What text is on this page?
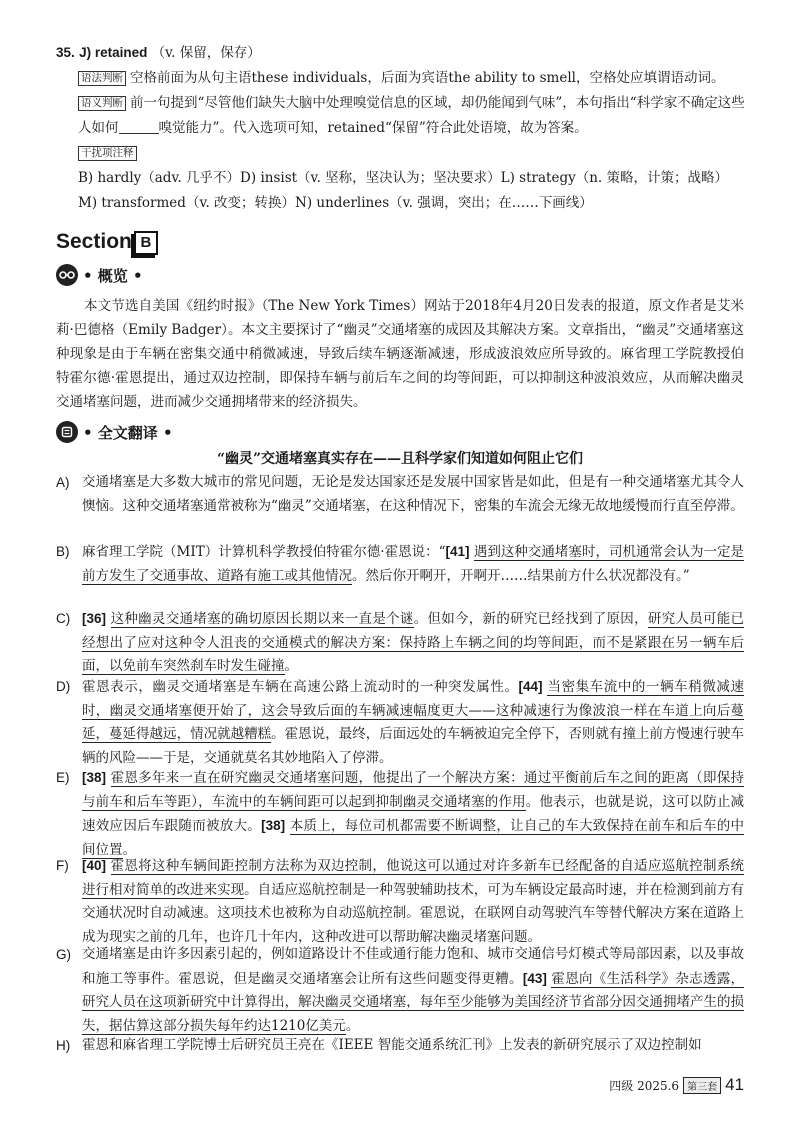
35. J) retained （v. 保留，保存）
语法判断 空格前面为从句主语these individuals，后面为宾语the ability to smell，空格处应填谓语动词。
语义判断 前一句提到“尽管他们缺失大脑中处理嗅觉信息的区域，却仍能闻到气味”，本句指出“科学家不确定这些人如何	嗅觉能力”。代入选项可知，retained“保留”符合此处语境，故为答案。
干扰项注释
B) hardly（adv. 几乎不）D) insist（v. 坚称，坚决认为；坚决要求）L) strategy（n. 策略，计策；战略）
M) transformed（v. 改变；转换）N) underlines（v. 强调，突出；在……下画线）
Section B
• 概览 •

本文节选自美国《纽约时报》（The New York Times）网站于2018年4月20日发表的报道，原文作者是艾米莉·巴德格（Emily Badger）。本文主要探讨了“幽灵”交通堵塞的成因及其解决方案。文章指出，“幽灵”交通堵塞这种现象是由于车辆在密集交通中稍微减速，导致后续车辆逐渐减速，形成波浪效应所导致的。麻省理工学院教授伯特霍尔德·霍恩提出，通过双边控制，即保持车辆与前后车之间的均等间距，可以抑制这种波浪效应，从而解决幽灵交通堵塞问题，进而减少交通拥堵带来的经济损失。

• 全文翻译 •
“幽灵”交通堵塞真实存在——且科学家们知道如何阻止它们
A) 交通堵塞是大多数大城市的常见问题，无论是发达国家还是发展中国家皆是如此，但是有一种交通堵塞尤其令人懊恼。这种交通堵塞通常被称为“幽灵”交通堵塞，在这种情况下，密集的车流会无缘无故地缓慢而行直至停滞。
B) 麻省理工学院（MIT）计算机科学教授伯特霍尔德·霍恩说：“[41] 遇到这种交通堵塞时，司机通常会认为一定是前方发生了交通事故、道路有施工或其他情况。然后你开啊开，开啊开……结果前方什么状况都没有。”
C) [36] 这种幽灵交通堵塞的确切原因长期以来一直是个谜。但如今，新的研究已经找到了原因，研究人员可能已经想出了应对这种令人沮丧的交通模式的解决方案：保持路上车辆之间的均等间距，而不是紧跟在另一辆车后面，以免前车突然刹车时发生碰撞。
D) 霍恩表示，幽灵交通堵塞是车辆在高速公路上流动时的一种突发属性。[44] 当密集车流中的一辆车稍微减速时，幽灵交通堵塞便开始了，这会导致后面的车辆减速幅度更大——这种减速行为像波浪一样在车道上向后蔓延，蔓延得越远，情况就越糟糕。霍恩说，最终，后面远处的车辆被迫完全停下，否则就有撞上前方慢速行驶车辆的风险——于是，交通就莫名其妙地陷入了停滞。
E) [38] 霍恩多年来一直在研究幽灵交通堵塞问题，他提出了一个解决方案：通过平衡前后车之间的距离（即保持与前车和后车等距），车流中的车辆间距可以起到抑制幽灵交通堵塞的作用。他表示，也就是说，这可以防止减速效应因后车跟随而被放大。[38] 本质上，每位司机都需要不断调整，让自己的车大致保持在前车和后车的中间位置。
F) [40] 霍恩将这种车辆间距控制方法称为双边控制，他说这可以通过对许多新车已经配备的自适应巡航控制系统进行相对简单的改进来实现。自适应巡航控制是一种驾驶辅助技术，可为车辆设定最高时速，并在检测到前方有交通状况时自动减速。这项技术也被称为自动巡航控制。霍恩说，在联网自动驾驶汽车等替代解决方案在道路上成为现实之前的几年，也许几十年内，这种改进可以帮助解决幽灵堵塞问题。
G) 交通堵塞是由许多因素引起的，例如道路设计不佳或通行能力饱和、城市交通信号灯模式等局部因素，以及事故和施工等事件。霍恩说，但是幽灵交通堵塞会让所有这些问题变得更糟。[43] 霍恩向《生活科学》杂志透露，研究人员在这项新研究中计算得出，解决幽灵交通堵塞，每年至少能够为美国经济节省部分因交通拥堵产生的损失，据估算这部分损失每年约达1210亿美元。
H) 霍恩和麻省理工学院博士后研究员王亮在《IEEE 智能交通系统汇刊》上发表的新研究展示了双边控制如
四级 2025.6 第三套 41
